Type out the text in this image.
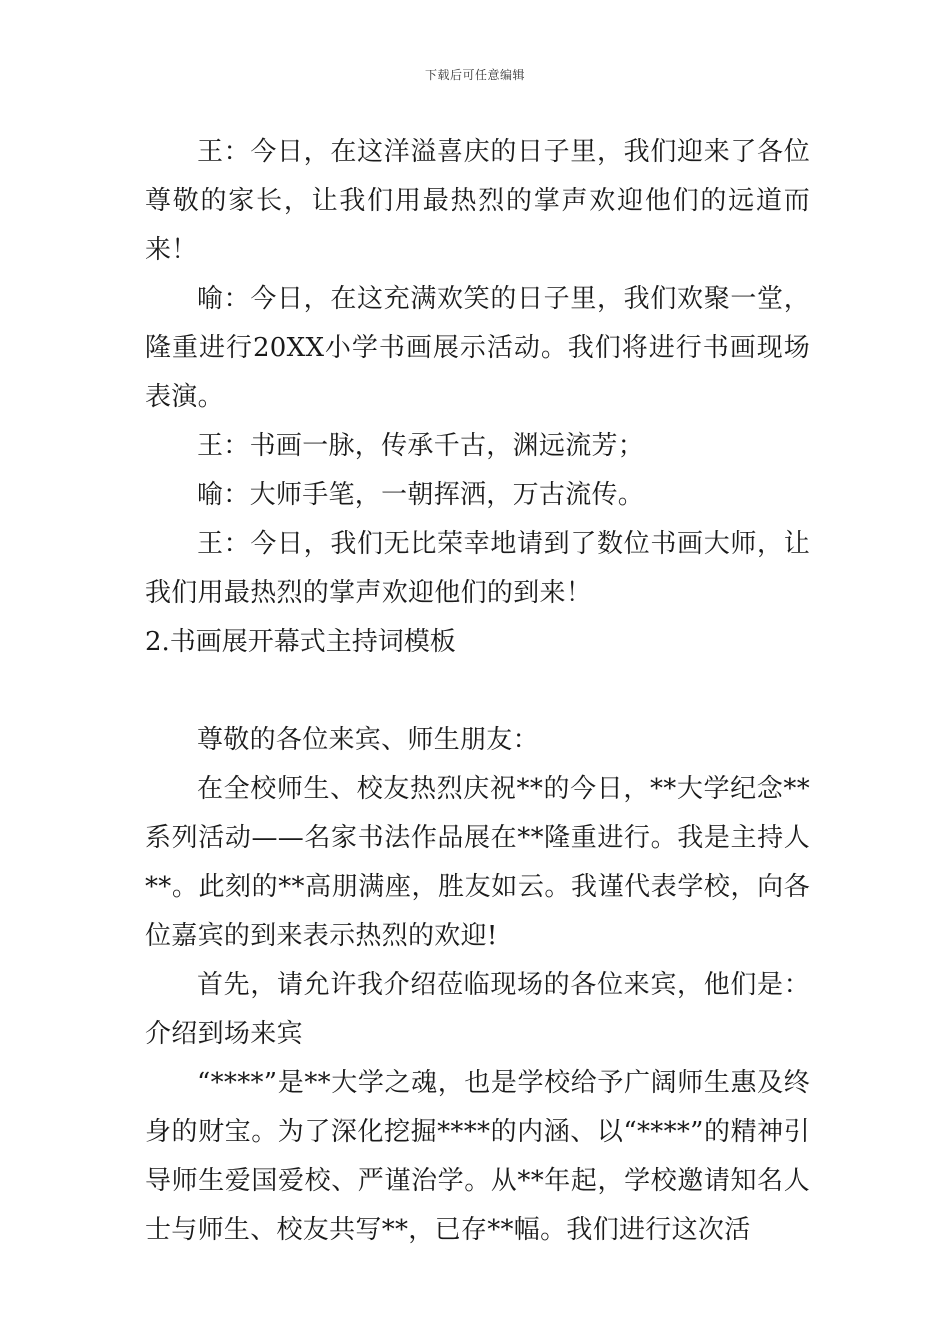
下载后可任意编辑

王：今日，在这洋溢喜庆的日子里，我们迎来了各位尊敬的家长，让我们用最热烈的掌声欢迎他们的远道而来！

喻：今日，在这充满欢笑的日子里，我们欢聚一堂，隆重进行20XX小学书画展示活动。我们将进行书画现场表演。

王：书画一脉，传承千古，渊远流芳；

喻：大师手笔，一朝挥洒，万古流传。

王：今日，我们无比荣幸地请到了数位书画大师，让我们用最热烈的掌声欢迎他们的到来！

2.书画展开幕式主持词模板

尊敬的各位来宾、师生朋友：

在全校师生、校友热烈庆祝**的今日，**大学纪念**系列活动——名家书法作品展在**隆重进行。我是主持人**。此刻的**高朋满座，胜友如云。我谨代表学校，向各位嘉宾的到来表示热烈的欢迎!

首先，请允许我介绍莅临现场的各位来宾，他们是：介绍到场来宾

“****”是**大学之魂，也是学校给予广阔师生惠及终身的财宝。为了深化挖掘****的内涵、以“****”的精神引导师生爱国爱校、严谨治学。从**年起，学校邀请知名人士与师生、校友共写**，已存**幅。我们进行这次活
